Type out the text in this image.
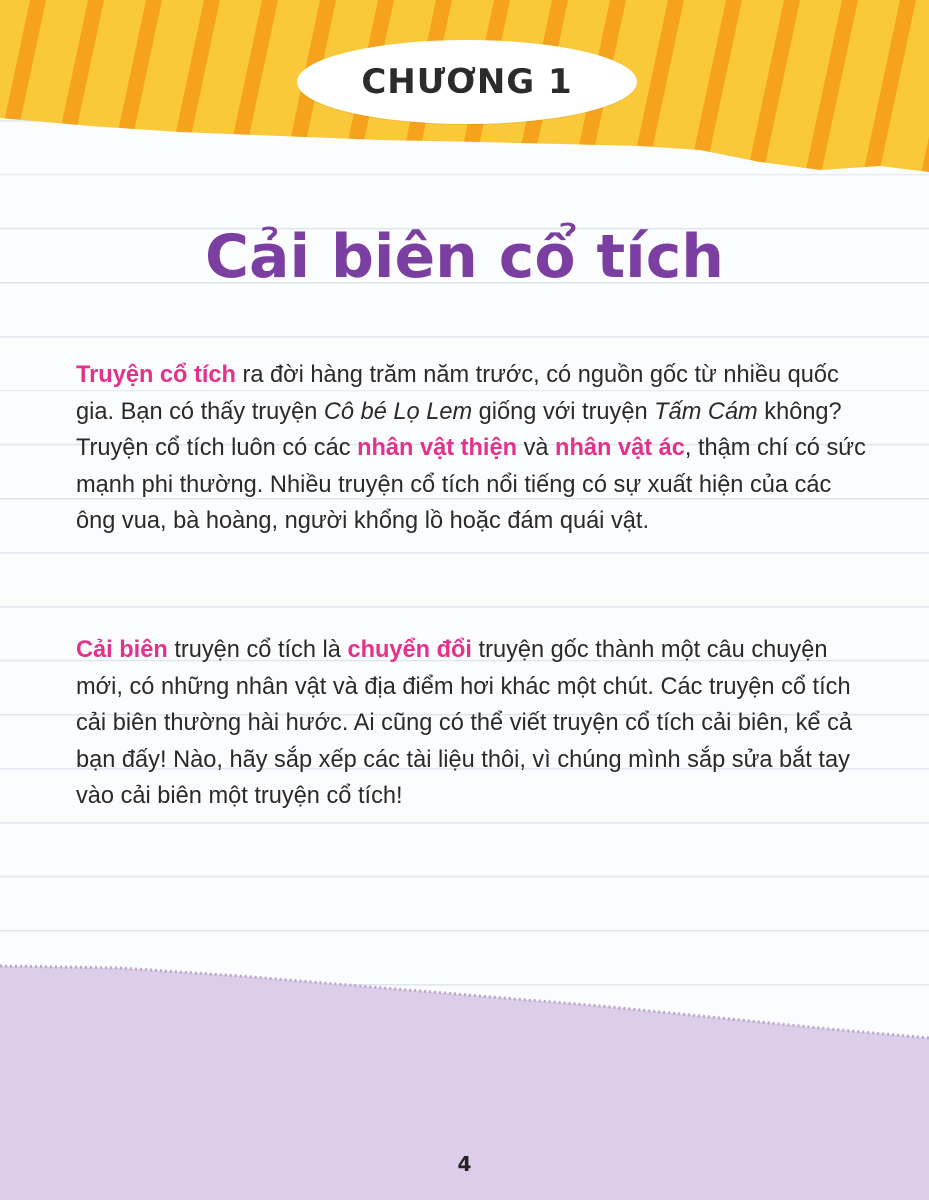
CHƯƠNG 1
Cải biên cổ tích

Truyện cổ tích ra đời hàng trăm năm trước, có nguồn gốc từ nhiều quốc gia. Bạn có thấy truyện Cô bé Lọ Lem giống với truyện Tấm Cám không? Truyện cổ tích luôn có các nhân vật thiện và nhân vật ác, thậm chí có sức mạnh phi thường. Nhiều truyện cổ tích nổi tiếng có sự xuất hiện của các ông vua, bà hoàng, người khổng lồ hoặc đám quái vật.

Cải biên truyện cổ tích là chuyển đổi truyện gốc thành một câu chuyện mới, có những nhân vật và địa điểm hơi khác một chút. Các truyện cổ tích cải biên thường hài hước. Ai cũng có thể viết truyện cổ tích cải biên, kể cả bạn đấy! Nào, hãy sắp xếp các tài liệu thôi, vì chúng mình sắp sửa bắt tay vào cải biên một truyện cổ tích!

4
